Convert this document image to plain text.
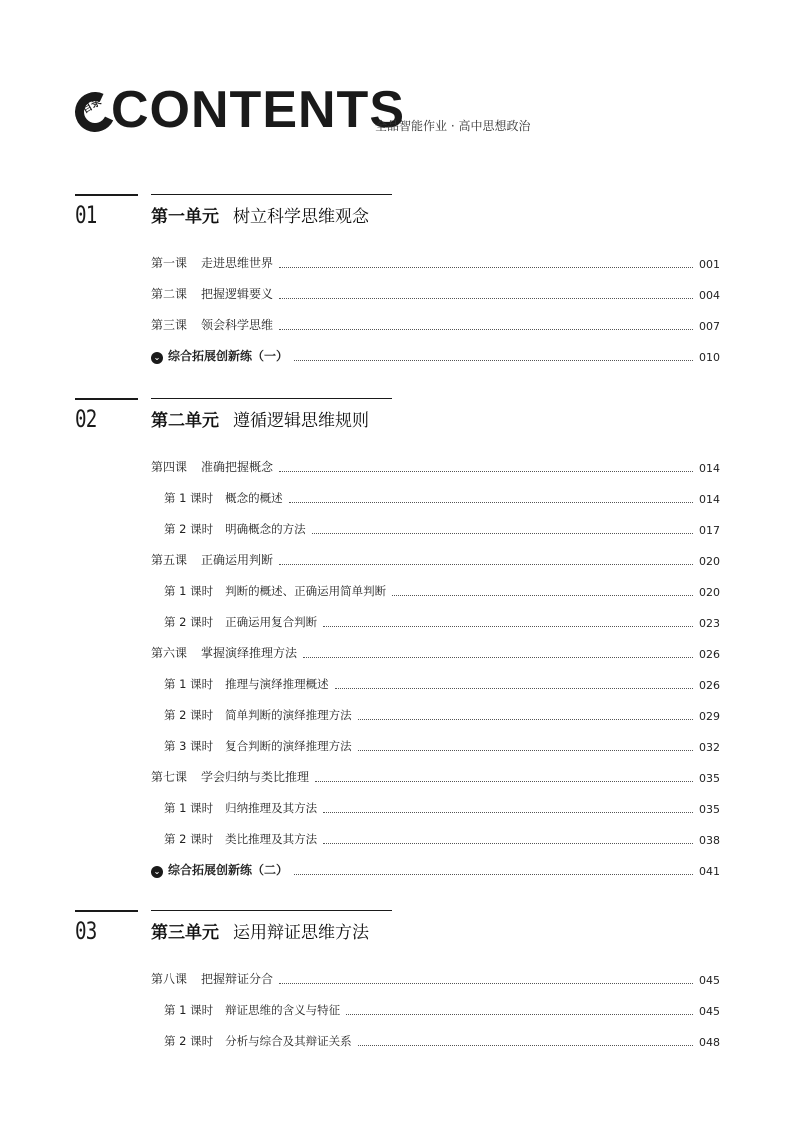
目录 CONTENTS
全品智能作业 · 高中思想政治
01	第一单元 树立科学思维观念
第一课 走进思维世界	001
第二课 把握逻辑要义	004
第三课 领会科学思维	007
⌄ 综合拓展创新练（一）	010
02	第二单元 遵循逻辑思维规则
第四课 准确把握概念	014
第 1 课时 概念的概述	014
第 2 课时 明确概念的方法	017
第五课 正确运用判断	020
第 1 课时 判断的概述、正确运用简单判断	020
第 2 课时 正确运用复合判断	023
第六课 掌握演绎推理方法	026
第 1 课时 推理与演绎推理概述	026
第 2 课时 简单判断的演绎推理方法	029
第 3 课时 复合判断的演绎推理方法	032
第七课 学会归纳与类比推理	035
第 1 课时 归纳推理及其方法	035
第 2 课时 类比推理及其方法	038
⌄ 综合拓展创新练（二）	041
03	第三单元 运用辩证思维方法
第八课 把握辩证分合	045
第 1 课时 辩证思维的含义与特征	045
第 2 课时 分析与综合及其辩证关系	048
